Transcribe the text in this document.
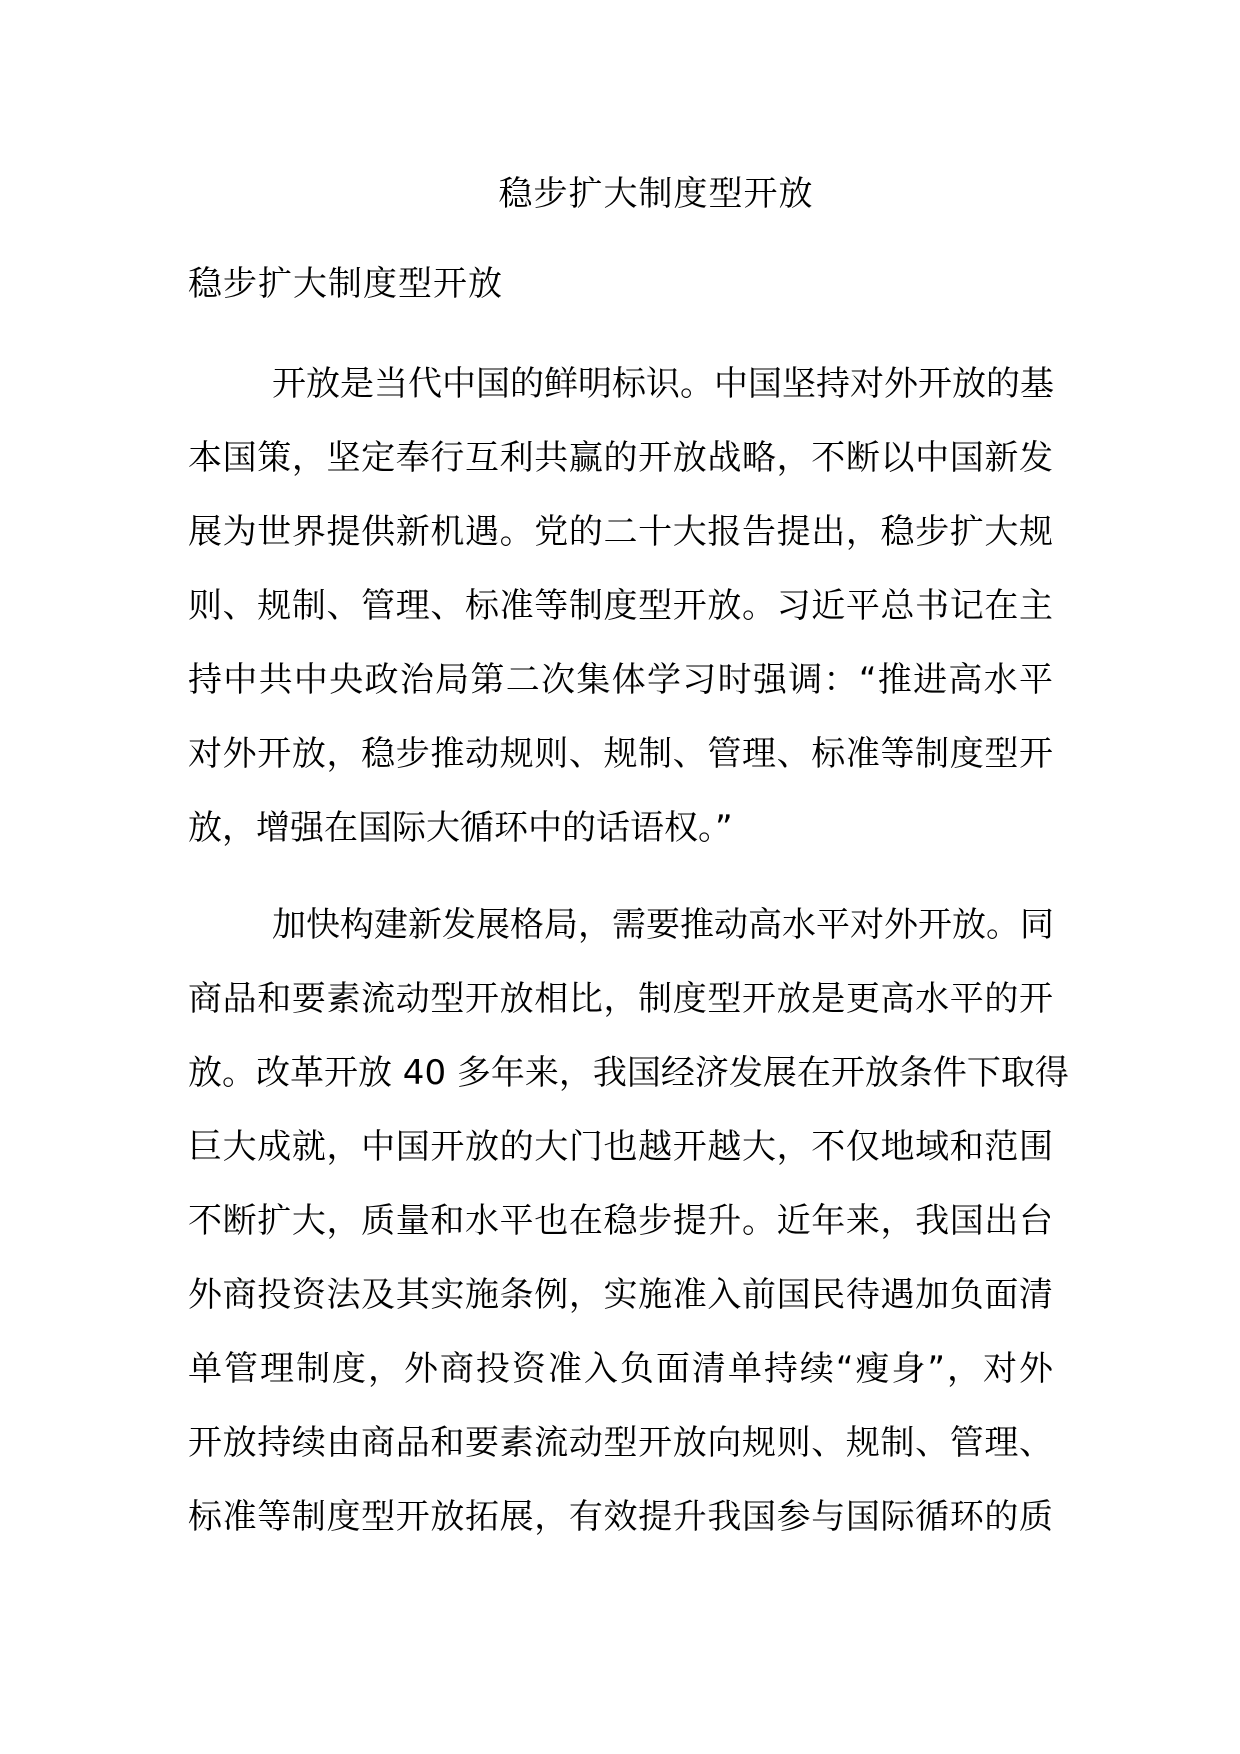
稳步扩大制度型开放

稳步扩大制度型开放

开放是当代中国的鲜明标识。中国坚持对外开放的基
本国策，坚定奉行互利共赢的开放战略，不断以中国新发
展为世界提供新机遇。党的二十大报告提出，稳步扩大规
则、规制、管理、标准等制度型开放。习近平总书记在主
持中共中央政治局第二次集体学习时强调：“推进高水平
对外开放，稳步推动规则、规制、管理、标准等制度型开
放，增强在国际大循环中的话语权。”
加快构建新发展格局，需要推动高水平对外开放。同
商品和要素流动型开放相比，制度型开放是更高水平的开
放。改革开放 40 多年来，我国经济发展在开放条件下取得
巨大成就，中国开放的大门也越开越大，不仅地域和范围
不断扩大，质量和水平也在稳步提升。近年来，我国出台
外商投资法及其实施条例，实施准入前国民待遇加负面清
单管理制度，外商投资准入负面清单持续“瘦身”，对外
开放持续由商品和要素流动型开放向规则、规制、管理、
标准等制度型开放拓展，有效提升我国参与国际循环的质
